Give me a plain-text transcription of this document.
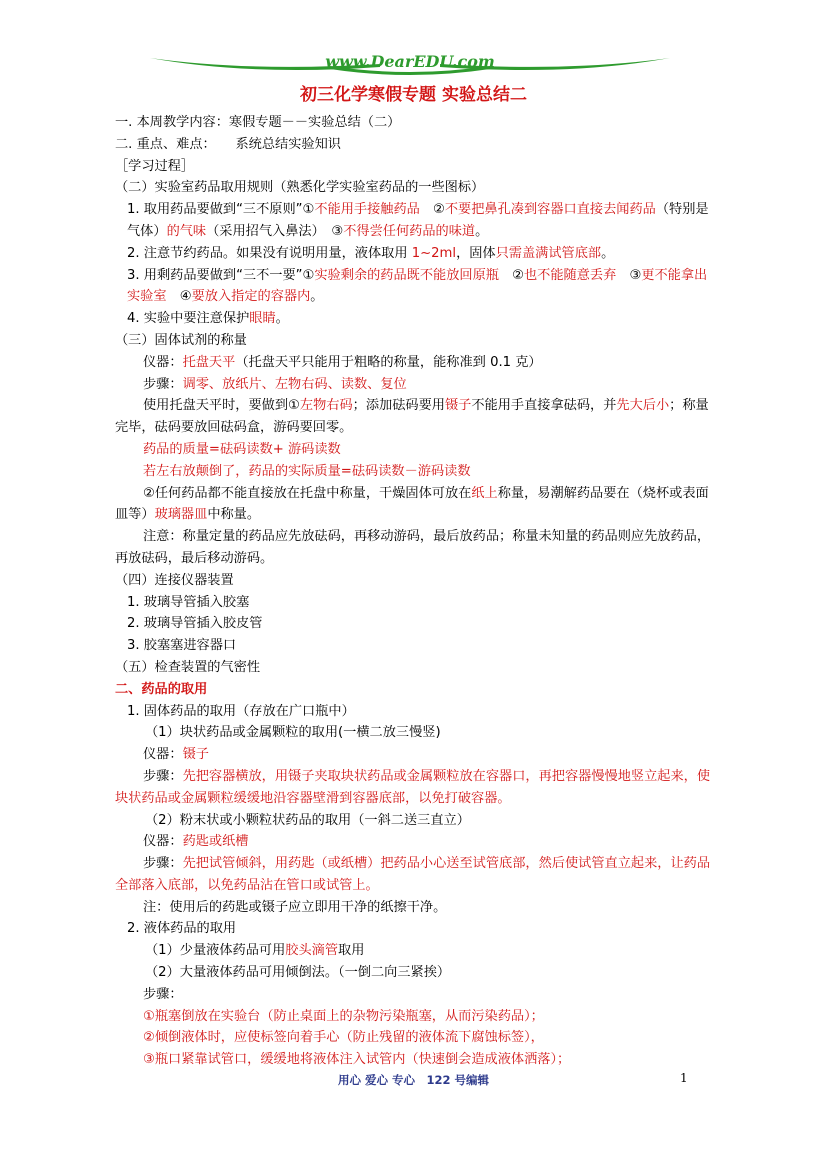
www.DearEDU.com
初三化学寒假专题 实验总结二
一. 本周教学内容：寒假专题－－实验总结（二）
二. 重点、难点：　　系统总结实验知识
［学习过程］
（二）实验室药品取用规则（熟悉化学实验室药品的一些图标）
1. 取用药品要做到“三不原则”①不能用手接触药品　②不要把鼻孔凑到容器口直接去闻药品（特别是气体）的气味（采用招气入鼻法）　③不得尝任何药品的味道。
2. 注意节约药品。如果没有说明用量，液体取用 1~2ml，固体只需盖满试管底部。
3. 用剩药品要做到“三不一要”①实验剩余的药品既不能放回原瓶　②也不能随意丢弃　③更不能拿出实验室　④要放入指定的容器内。
4. 实验中要注意保护眼睛。
（三）固体试剂的称量
仪器：托盘天平（托盘天平只能用于粗略的称量，能称准到 0.1 克）
步骤：调零、放纸片、左物右码、读数、复位
使用托盘天平时，要做到①左物右码；添加砝码要用镊子不能用手直接拿砝码，并先大后小；称量完毕，砝码要放回砝码盒，游码要回零。
药品的质量=砝码读数+ 游码读数
若左右放颠倒了，药品的实际质量=砝码读数－游码读数
②任何药品都不能直接放在托盘中称量，干燥固体可放在纸上称量，易潮解药品要在（烧杯或表面皿等）玻璃器皿中称量。
注意：称量定量的药品应先放砝码，再移动游码，最后放药品；称量未知量的药品则应先放药品，再放砝码，最后移动游码。
（四）连接仪器装置
1. 玻璃导管插入胶塞
2. 玻璃导管插入胶皮管
3. 胶塞塞进容器口
（五）检查装置的气密性
二、药品的取用
1. 固体药品的取用（存放在广口瓶中）
（1）块状药品或金属颗粒的取用(一横二放三慢竖)
仪器：镊子
步骤：先把容器横放，用镊子夹取块状药品或金属颗粒放在容器口，再把容器慢慢地竖立起来，使块状药品或金属颗粒缓缓地沿容器壁滑到容器底部，以免打破容器。
（2）粉末状或小颗粒状药品的取用（一斜二送三直立）
仪器：药匙或纸槽
步骤：先把试管倾斜，用药匙（或纸槽）把药品小心送至试管底部，然后使试管直立起来，让药品全部落入底部，以免药品沾在管口或试管上。
注：使用后的药匙或镊子应立即用干净的纸擦干净。
2. 液体药品的取用
（1）少量液体药品可用胶头滴管取用
（2）大量液体药品可用倾倒法。（一倒二向三紧挨）
步骤：
①瓶塞倒放在实验台（防止桌面上的杂物污染瓶塞，从而污染药品）；
②倾倒液体时，应使标签向着手心（防止残留的液体流下腐蚀标签），
③瓶口紧靠试管口，缓缓地将液体注入试管内（快速倒会造成液体洒落）；
用心 爱心 专心　122 号编辑	1
